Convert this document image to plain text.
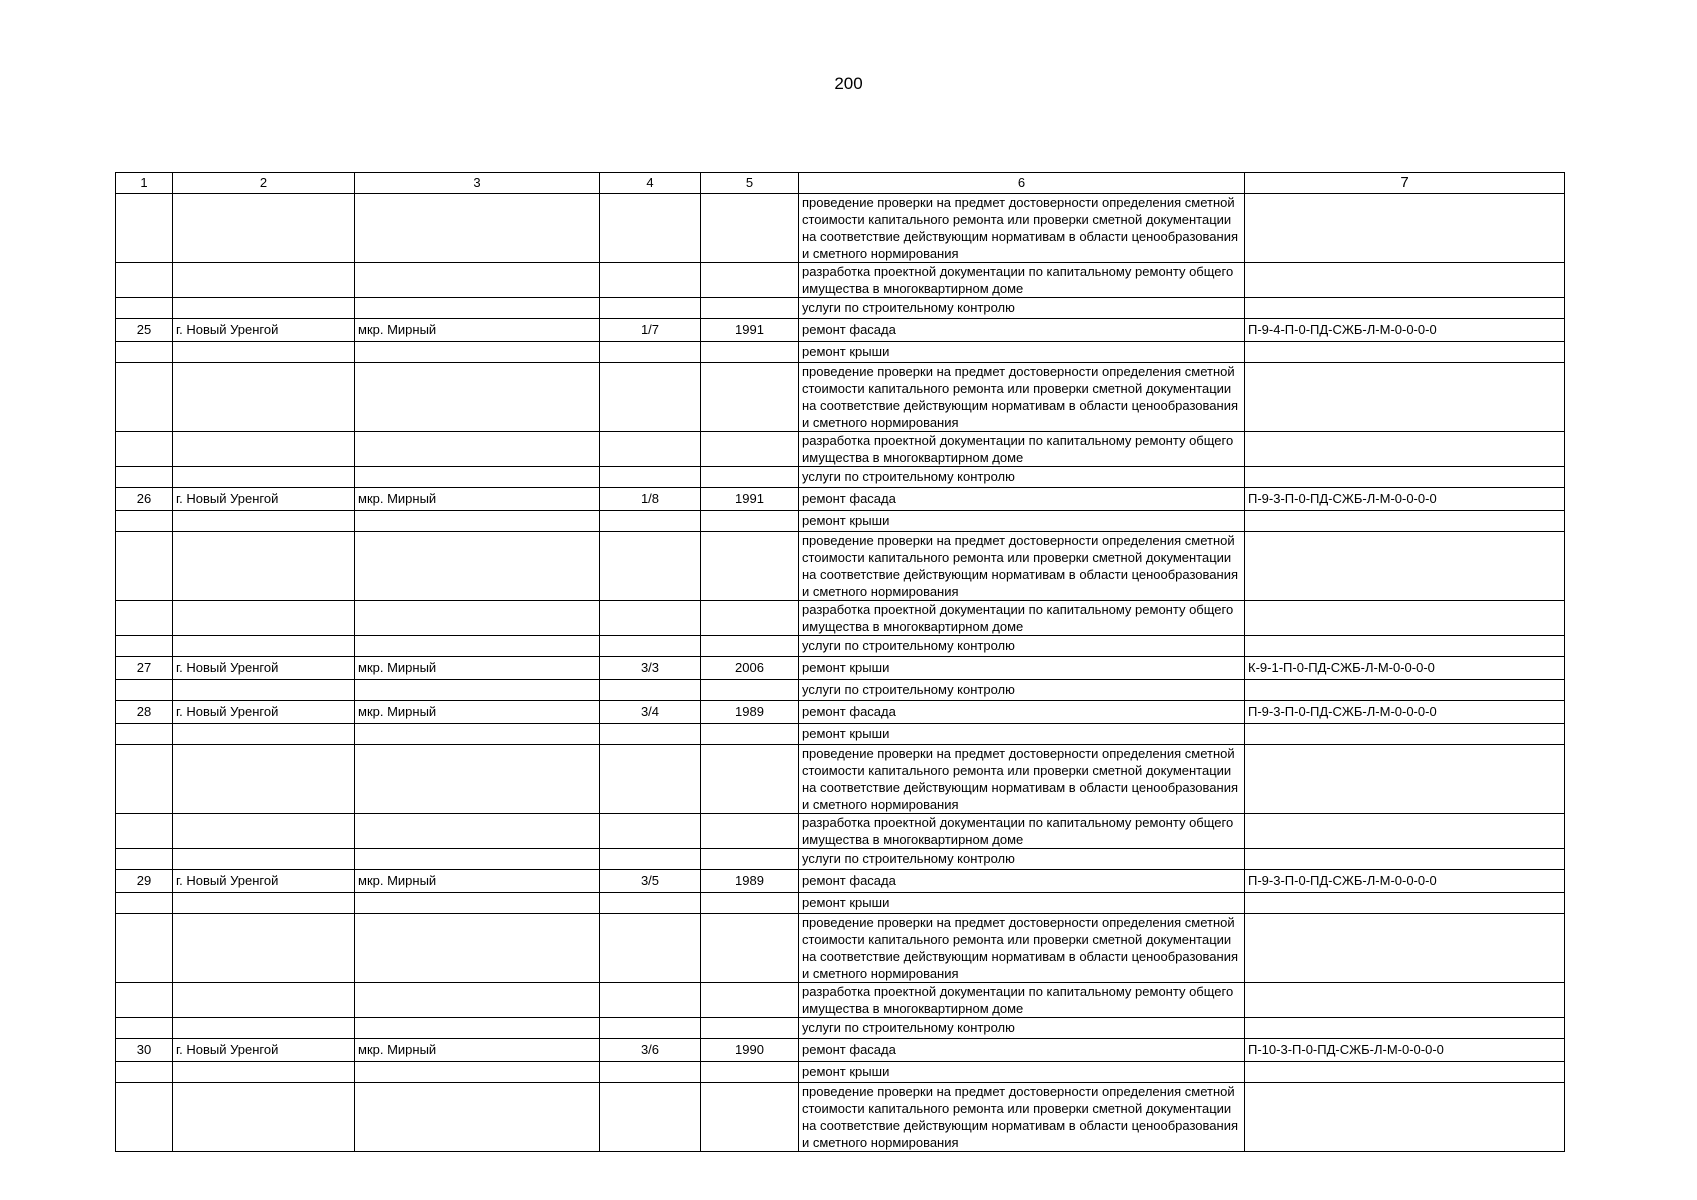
200
1	2	3	4	5	6	7
					проведение проверки на предмет достоверности определения сметной стоимости капитального ремонта или проверки сметной документации на соответствие действующим нормативам в области ценообразования и сметного нормирования	
					разработка проектной документации по капитальному ремонту общего имущества в многоквартирном доме	
					услуги по строительному контролю	
25	г. Новый Уренгой	мкр. Мирный	1/7	1991	ремонт фасада	П-9-4-П-0-ПД-СЖБ-Л-М-0-0-0-0
					ремонт крыши	
					проведение проверки на предмет достоверности определения сметной стоимости капитального ремонта или проверки сметной документации на соответствие действующим нормативам в области ценообразования и сметного нормирования	
					разработка проектной документации по капитальному ремонту общего имущества в многоквартирном доме	
					услуги по строительному контролю	
26	г. Новый Уренгой	мкр. Мирный	1/8	1991	ремонт фасада	П-9-3-П-0-ПД-СЖБ-Л-М-0-0-0-0
					ремонт крыши	
					проведение проверки на предмет достоверности определения сметной стоимости капитального ремонта или проверки сметной документации на соответствие действующим нормативам в области ценообразования и сметного нормирования	
					разработка проектной документации по капитальному ремонту общего имущества в многоквартирном доме	
					услуги по строительному контролю	
27	г. Новый Уренгой	мкр. Мирный	3/3	2006	ремонт крыши	К-9-1-П-0-ПД-СЖБ-Л-М-0-0-0-0
					услуги по строительному контролю	
28	г. Новый Уренгой	мкр. Мирный	3/4	1989	ремонт фасада	П-9-3-П-0-ПД-СЖБ-Л-М-0-0-0-0
					ремонт крыши	
					проведение проверки на предмет достоверности определения сметной стоимости капитального ремонта или проверки сметной документации на соответствие действующим нормативам в области ценообразования и сметного нормирования	
					разработка проектной документации по капитальному ремонту общего имущества в многоквартирном доме	
					услуги по строительному контролю	
29	г. Новый Уренгой	мкр. Мирный	3/5	1989	ремонт фасада	П-9-3-П-0-ПД-СЖБ-Л-М-0-0-0-0
					ремонт крыши	
					проведение проверки на предмет достоверности определения сметной стоимости капитального ремонта или проверки сметной документации на соответствие действующим нормативам в области ценообразования и сметного нормирования	
					разработка проектной документации по капитальному ремонту общего имущества в многоквартирном доме	
					услуги по строительному контролю	
30	г. Новый Уренгой	мкр. Мирный	3/6	1990	ремонт фасада	П-10-3-П-0-ПД-СЖБ-Л-М-0-0-0-0
					ремонт крыши	
					проведение проверки на предмет достоверности определения сметной стоимости капитального ремонта или проверки сметной документации на соответствие действующим нормативам в области ценообразования и сметного нормирования	
